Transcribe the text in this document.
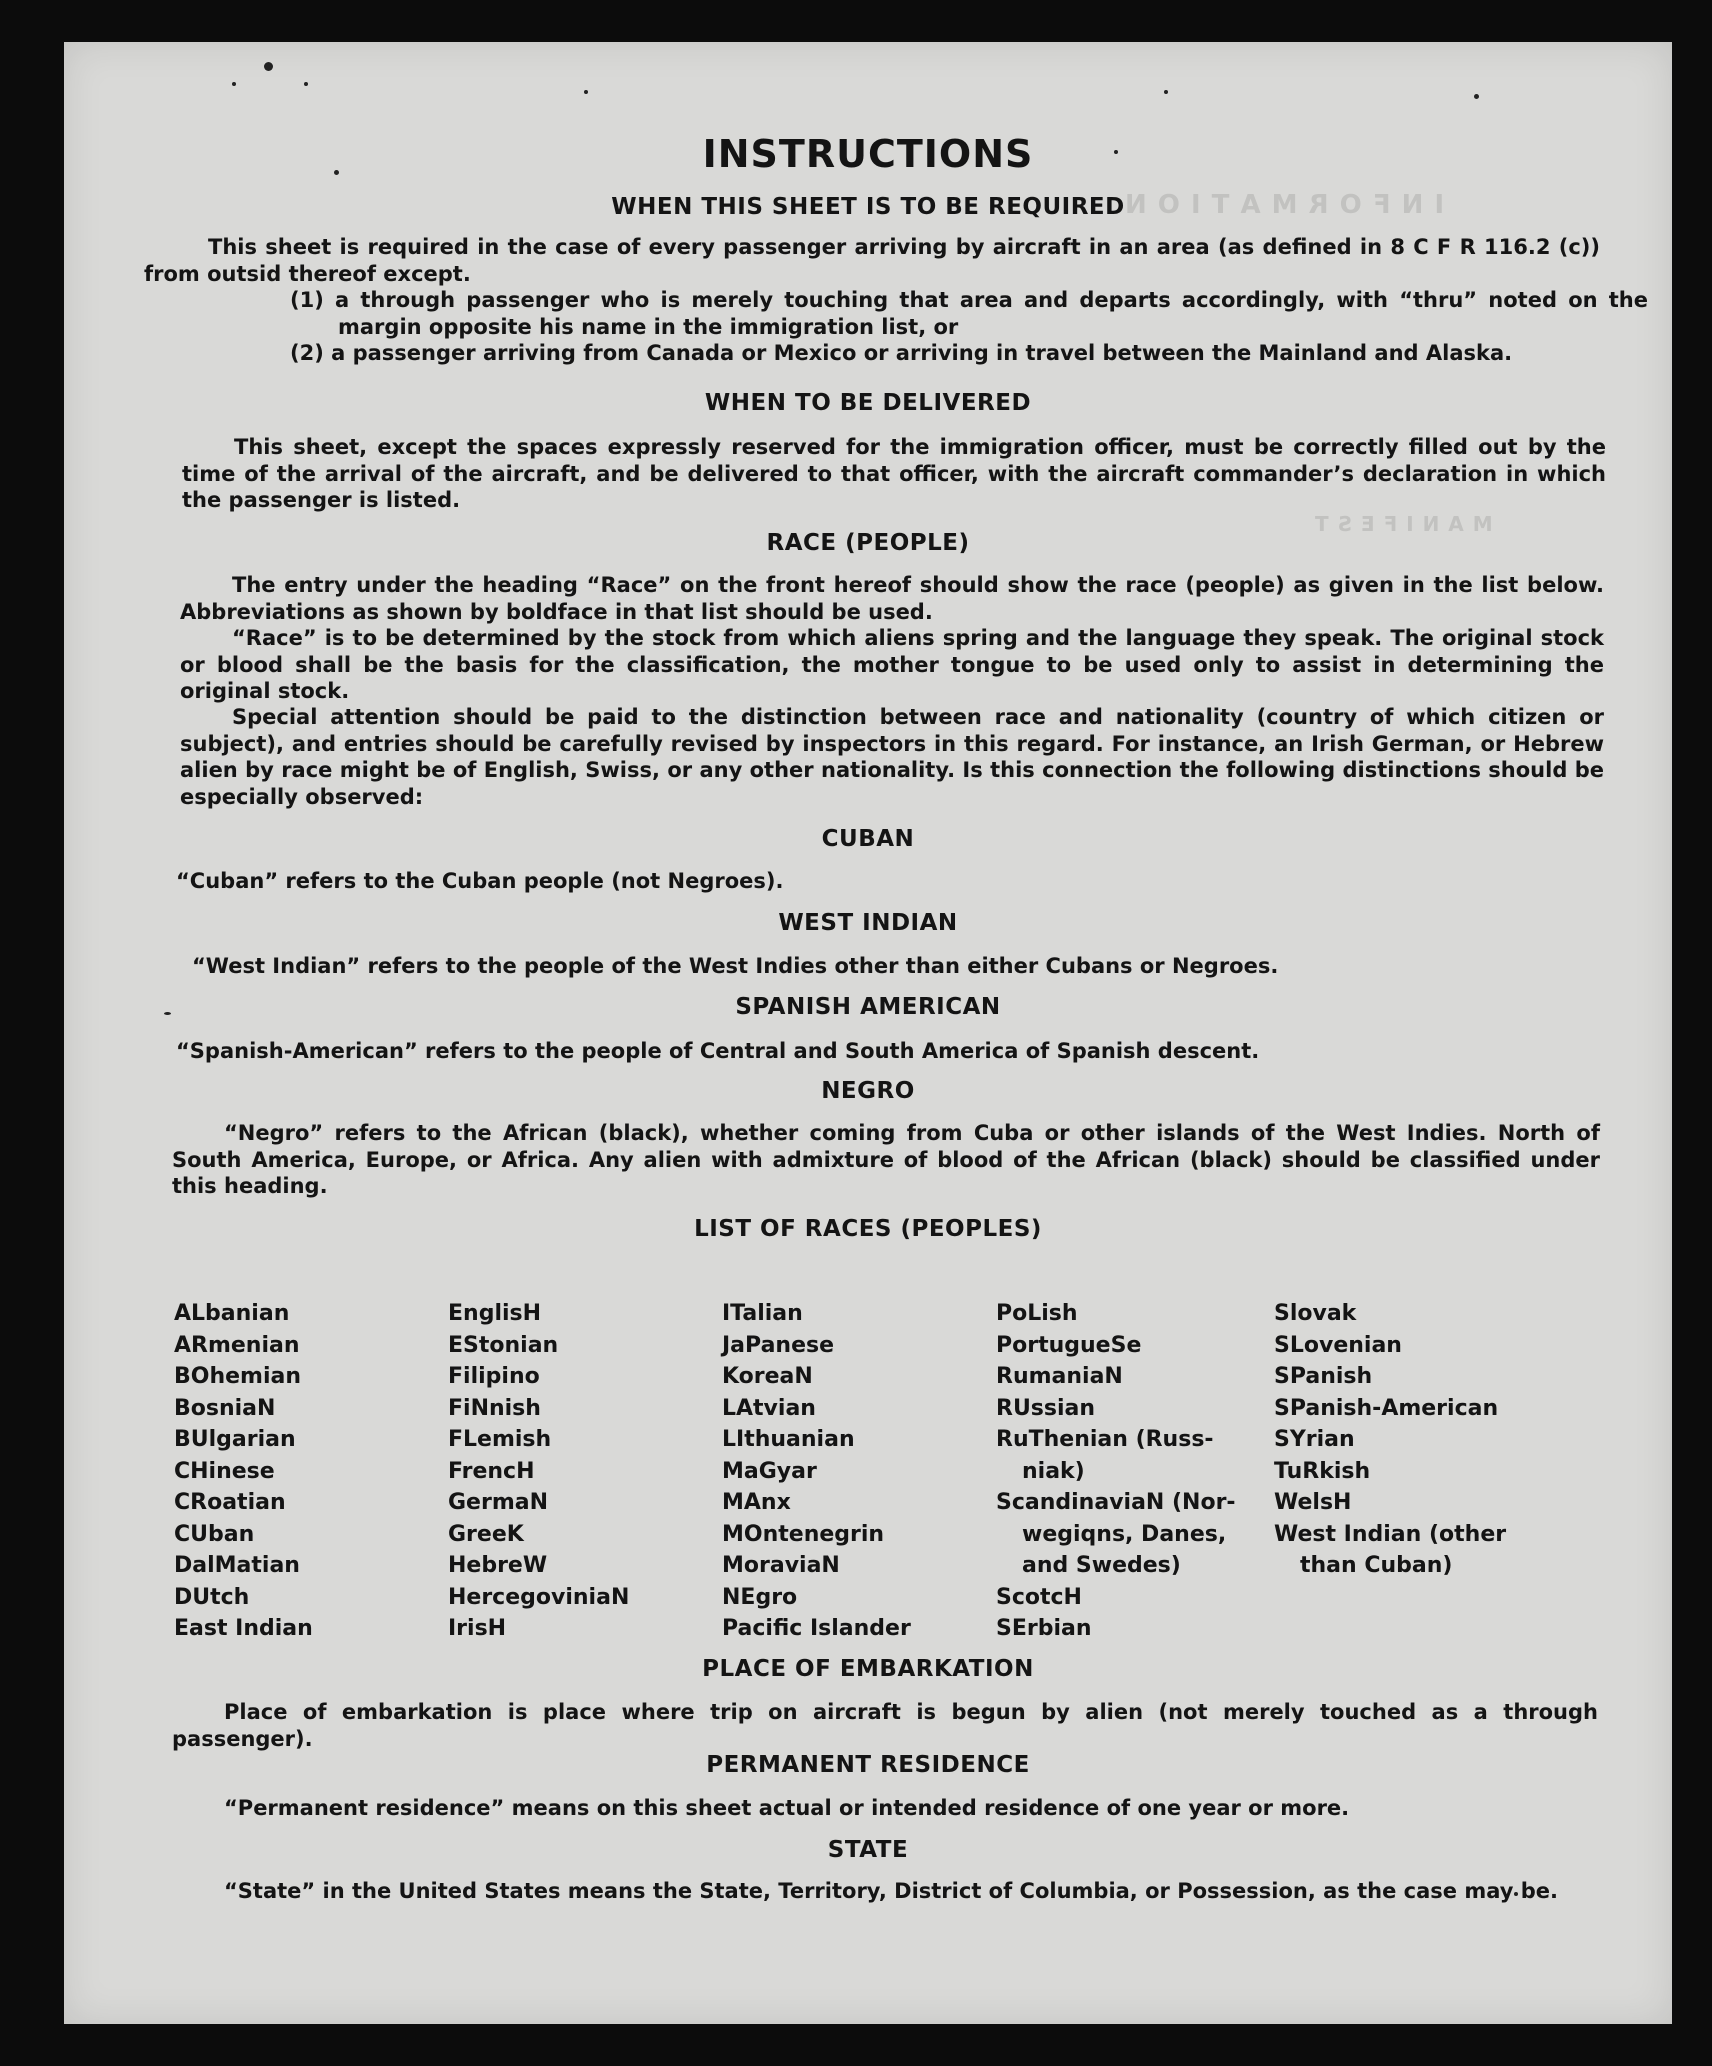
I N F O R M A T I O N
M A N I F E S T
INSTRUCTIONS
WHEN THIS SHEET IS TO BE REQUIRED

This sheet is required in the case of every passenger arriving by aircraft in an area (as defined in 8 C F R 116.2 (c)) from outsid thereof except.

(1) a through passenger who is merely touching that area and departs accordingly, with “thru” noted on the margin opposite his name in the immigration list, or

(2) a passenger arriving from Canada or Mexico or arriving in travel between the Mainland and Alaska.

WHEN TO BE DELIVERED

This sheet, except the spaces expressly reserved for the immigration officer, must be correctly filled out by the time of the arrival of the aircraft, and be delivered to that officer, with the aircraft commander’s declaration in which the passenger is listed.

RACE (PEOPLE)

The entry under the heading “Race” on the front hereof should show the race (people) as given in the list below. Abbreviations as shown by boldface in that list should be used.

“Race” is to be determined by the stock from which aliens spring and the language they speak. The original stock or blood shall be the basis for the classification, the mother tongue to be used only to assist in determining the original stock.

Special attention should be paid to the distinction between race and nationality (country of which citizen or subject), and entries should be carefully revised by inspectors in this regard. For instance, an Irish German, or Hebrew alien by race might be of English, Swiss, or any other nationality. Is this connection the following distinctions should be especially observed:

CUBAN

“Cuban” refers to the Cuban people (not Negroes).

WEST INDIAN

“West Indian” refers to the people of the West Indies other than either Cubans or Negroes.

SPANISH AMERICAN

“Spanish-American” refers to the people of Central and South America of Spanish descent.

NEGRO

“Negro” refers to the African (black), whether coming from Cuba or other islands of the West Indies. North of South America, Europe, or Africa. Any alien with admixture of blood of the African (black) should be classified under this heading.

LIST OF RACES (PEOPLES)
ALbanian
ARmenian
BOhemian
BosniaN
BUlgarian
CHinese
CRoatian
CUban
DalMatian
DUtch
East Indian
EnglisH
EStonian
Filipino
FiNnish
FLemish
FrencH
GermaN
GreeK
HebreW
HercegoviniaN
IrisH
ITalian
JaPanese
KoreaN
LAtvian
LIthuanian
MaGyar
MAnx
MOntenegrin
MoraviaN
NEgro
Pacific Islander
PoLish
PortugueSe
RumaniaN
RUssian
RuThenian (Russ-
niak)
ScandinaviaN (Nor-
wegiqns, Danes,
and Swedes)
ScotcH
SErbian
Slovak
SLovenian
SPanish
SPanish-American
SYrian
TuRkish
WelsH
West Indian (other
than Cuban)
PLACE OF EMBARKATION

Place of embarkation is place where trip on aircraft is begun by alien (not merely touched as a through passenger).

PERMANENT RESIDENCE

“Permanent residence” means on this sheet actual or intended residence of one year or more.

STATE

“State” in the United States means the State, Territory, District of Columbia, or Possession, as the case may be.
